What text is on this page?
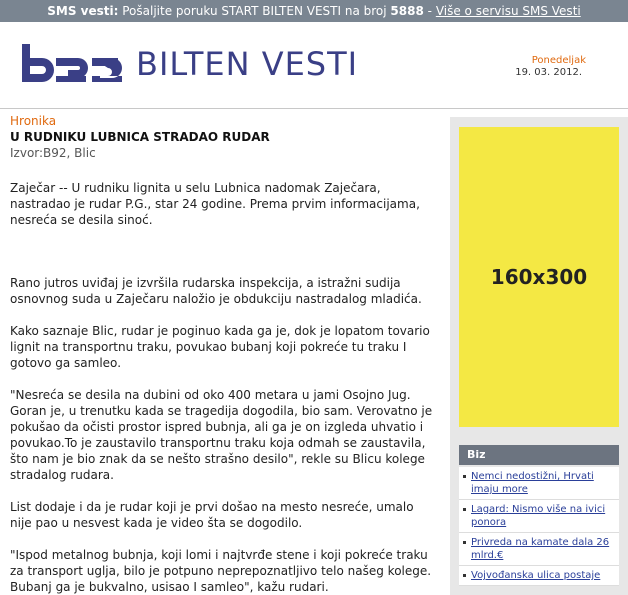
SMS vesti: Pošaljite poruku START BILTEN VESTI na broj 5888 - Više o servisu SMS Vesti
BILTEN VESTI	Ponedeljak
19. 03. 2012.
Hronika
U RUDNIKU LUBNICA STRADAO RUDAR
Izvor:B92, Blic

Zaječar -- U rudniku lignita u selu Lubnica nadomak Zaječara, nastradao je rudar P.G., star 24 godine. Prema prvim informacijama, nesreća se desila sinoć.

Rano jutros uviđaj je izvršila rudarska inspekcija, a istražni sudija osnovnog suda u Zaječaru naložio je obdukciju nastradalog mladića.

Kako saznaje Blic, rudar je poginuo kada ga je, dok je lopatom tovario lignit na transportnu traku, povukao bubanj koji pokreće tu traku I gotovo ga samleo.

"Nesreća se desila na dubini od oko 400 metara u jami Osojno Jug. Goran je, u trenutku kada se tragedija dogodila, bio sam. Verovatno je pokušao da očisti prostor ispred bubnja, ali ga je on izgleda uhvatio i povukao.To je zaustavilo transportnu traku koja odmah se zaustavila, što nam je bio znak da se nešto strašno desilo", rekle su Blicu kolege stradalog rudara.

List dodaje i da je rudar koji je prvi došao na mesto nesreće, umalo nije pao u nesvest kada je video šta se dogodilo.

"Ispod metalnog bubnja, koji lomi i najtvrđe stene i koji pokreće traku za transport uglja, bilo je potpuno neprepoznatljivo telo našeg kolege. Bubanj ga je bukvalno, usisao I samleo", kažu rudari.

160x300
Biz
Nemci nedostižni, Hrvati imaju more
Lagard: Nismo više na ivici ponora
Privreda na kamate dala 26 mlrd.€
Vojvođanska ulica postaje
